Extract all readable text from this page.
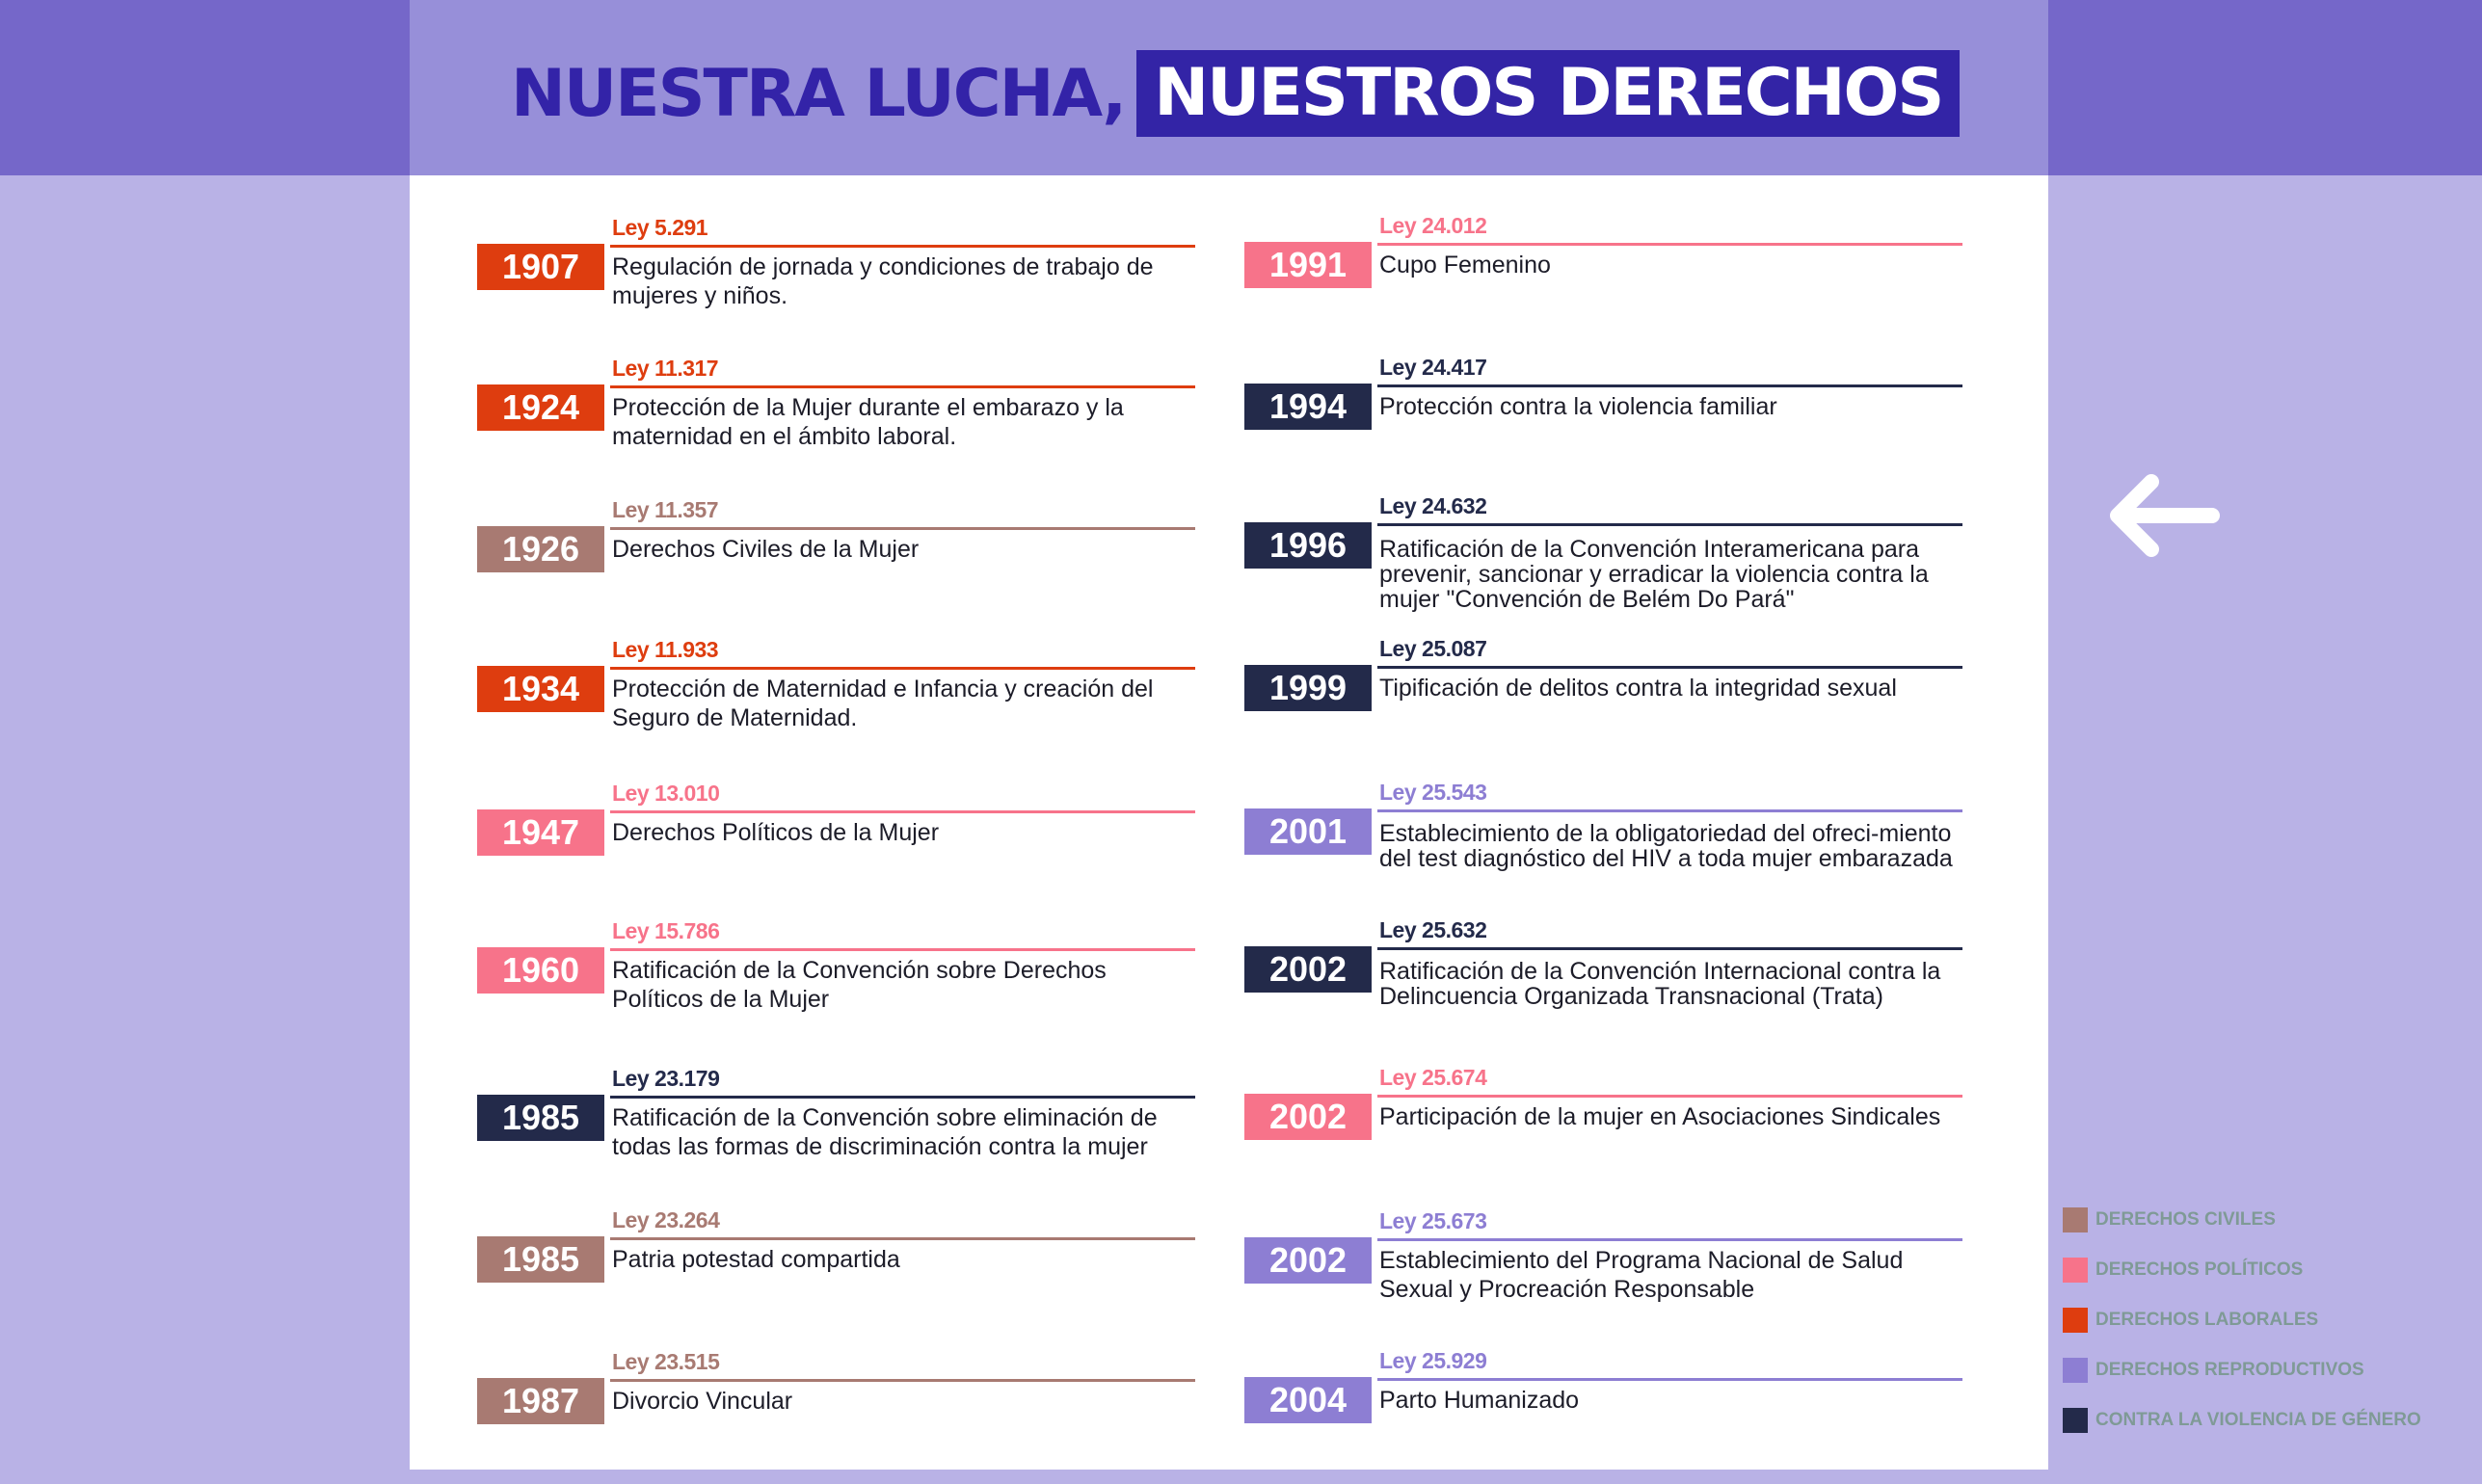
NUESTRA LUCHA, NUESTROS DERECHOS
Ley 5.291
1907	Regulación de jornada y condiciones de trabajo de mujeres y niños.
Ley 11.317
1924	Protección de la Mujer durante el embarazo y la maternidad en el ámbito laboral.
Ley 11.357
1926	Derechos Civiles de la Mujer
Ley 11.933
1934	Protección de Maternidad e Infancia y creación del Seguro de Maternidad.
Ley 13.010
1947	Derechos Políticos de la Mujer
Ley 15.786
1960	Ratificación de la Convención sobre Derechos Políticos de la Mujer
Ley 23.179
1985	Ratificación de la Convención sobre eliminación de todas las formas de discriminación contra la mujer
Ley 23.264
1985	Patria potestad compartida
Ley 23.515
1987	Divorcio Vincular
Ley 24.012
1991	Cupo Femenino
Ley 24.417
1994	Protección contra la violencia familiar
Ley 24.632
1996	Ratificación de la Convención Interamericana para prevenir, sancionar y erradicar la violencia contra la mujer "Convención de Belém Do Pará"
Ley 25.087
1999	Tipificación de delitos contra la integridad sexual
Ley 25.543
2001	Establecimiento de la obligatoriedad del ofreci-miento del test diagnóstico del HIV a toda mujer embarazada
Ley 25.632
2002	Ratificación de la Convención Internacional contra la Delincuencia Organizada Transnacional (Trata)
Ley 25.674
2002	Participación de la mujer en Asociaciones Sindicales
Ley 25.673
2002	Establecimiento del Programa Nacional de Salud Sexual y Procreación Responsable
Ley 25.929
2004	Parto Humanizado
DERECHOS CIVILES
DERECHOS POLÍTICOS
DERECHOS LABORALES
DERECHOS REPRODUCTIVOS
CONTRA LA VIOLENCIA DE GÉNERO
